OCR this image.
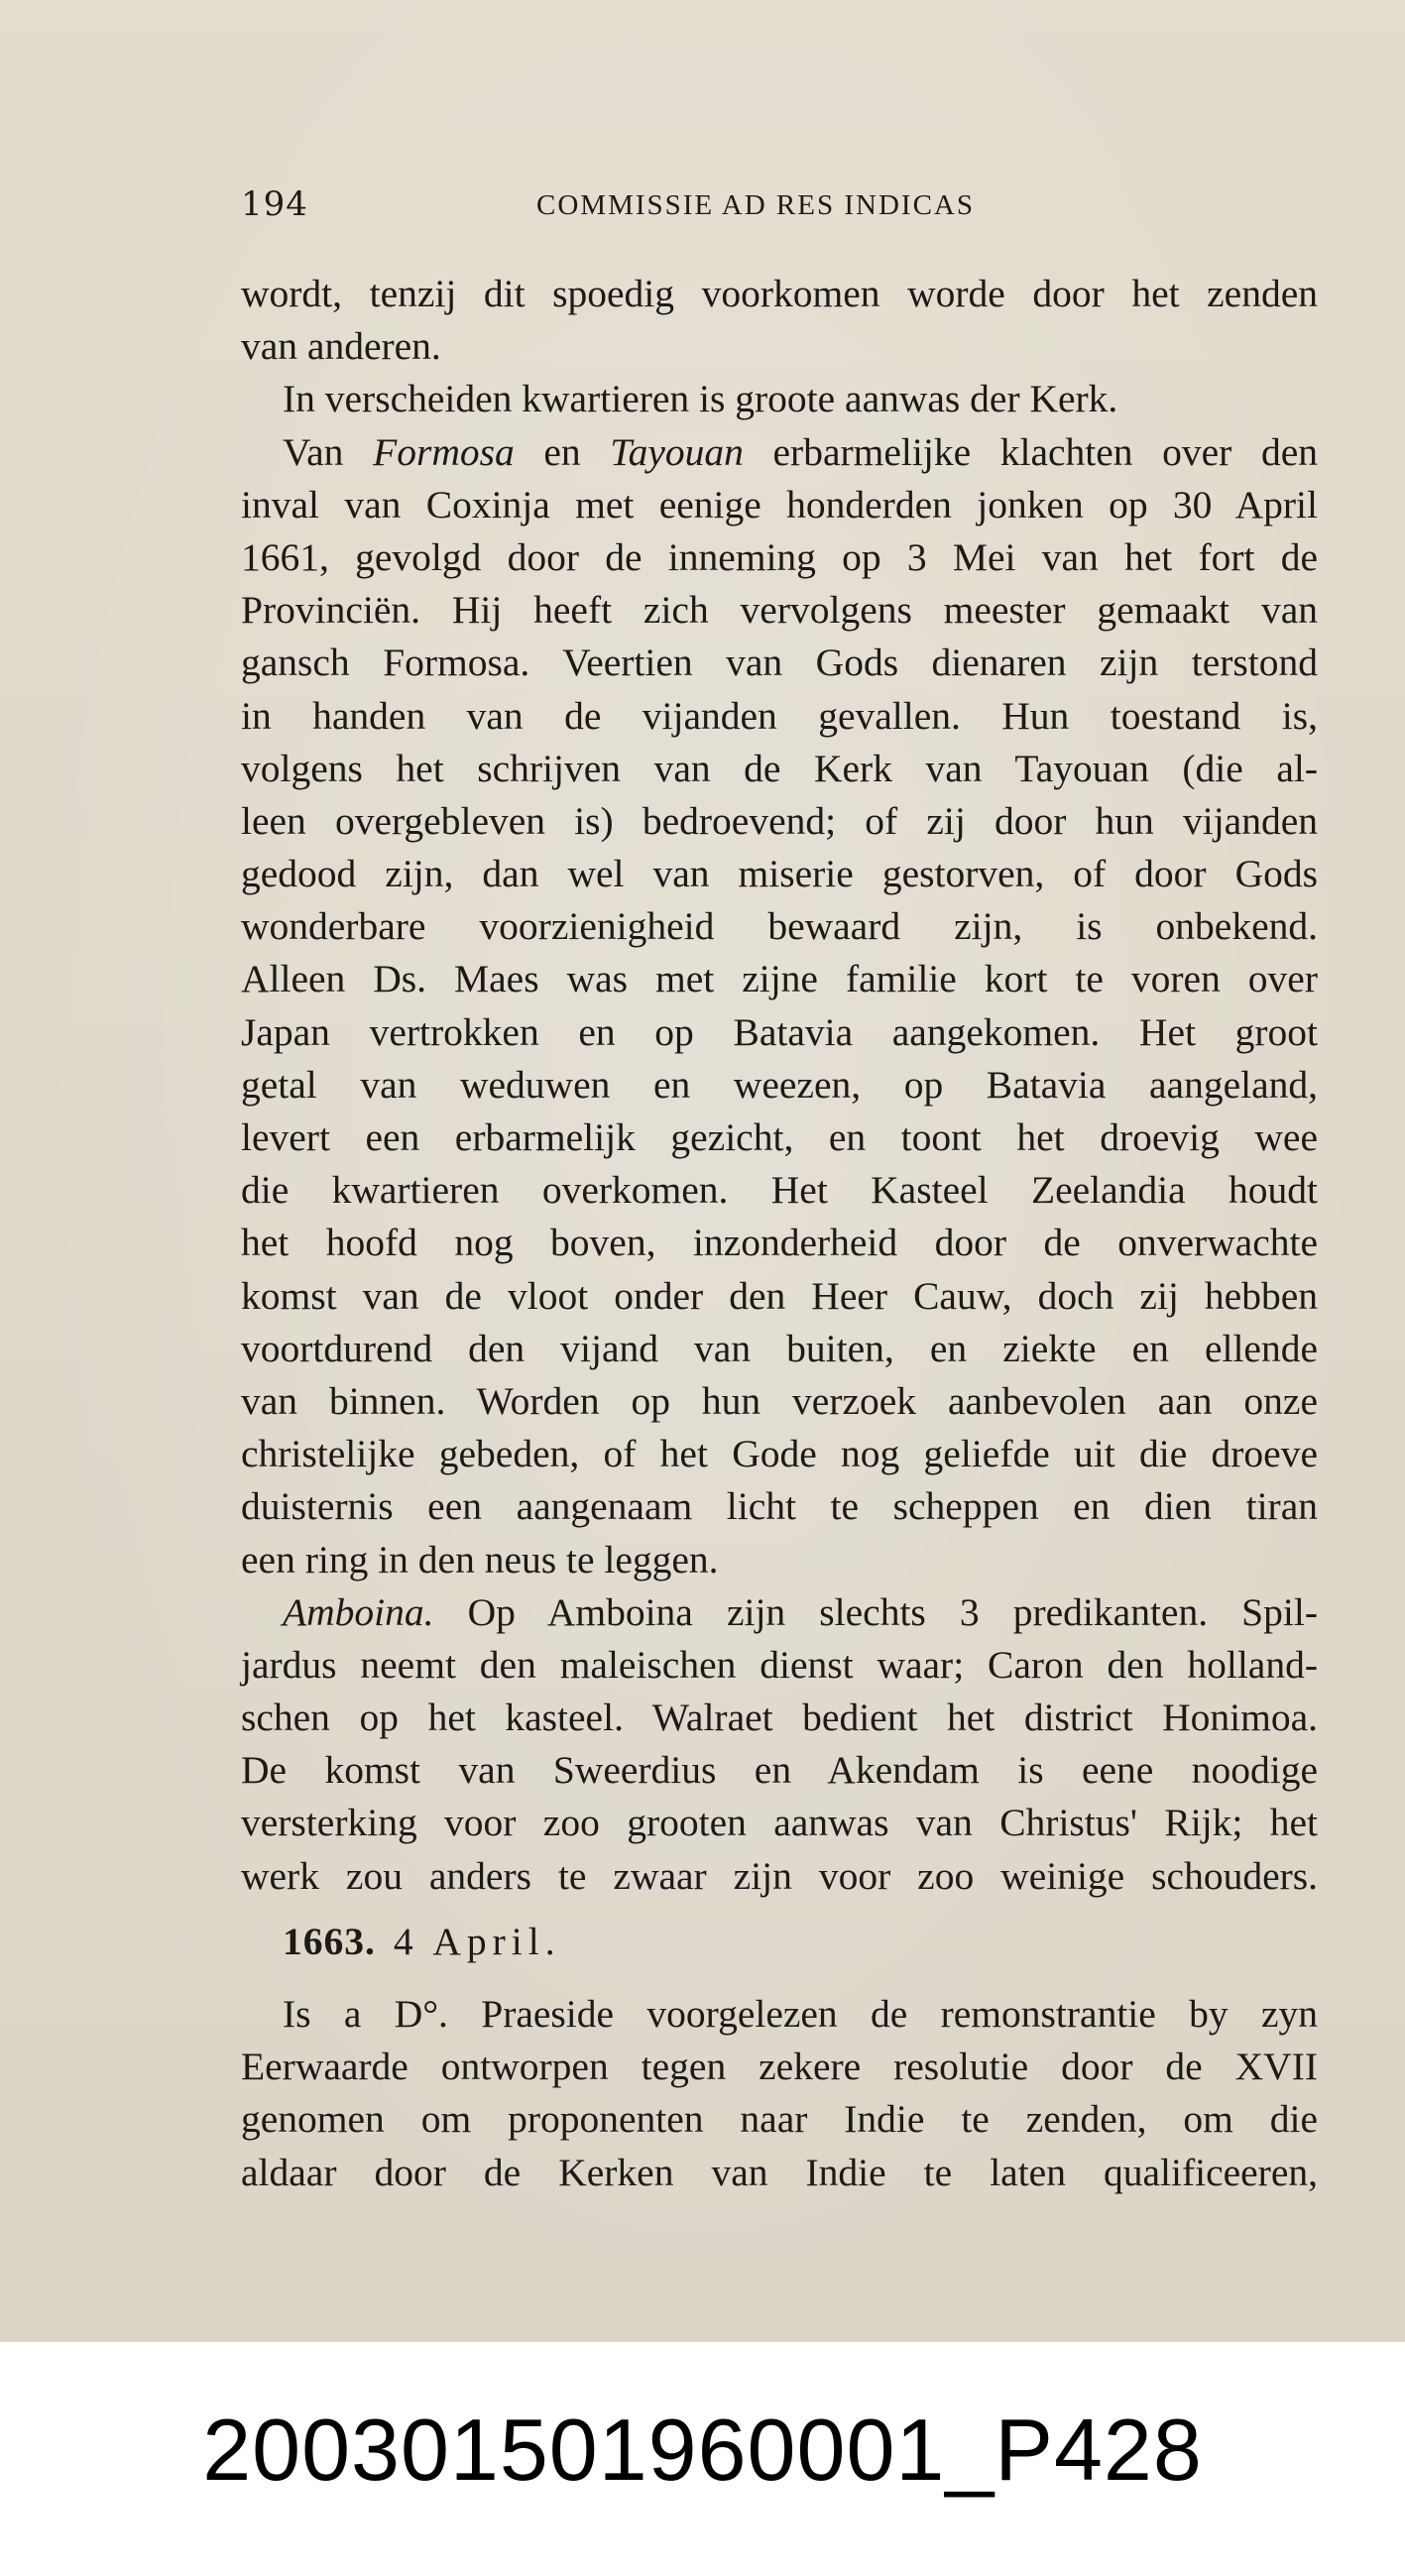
194	COMMISSIE AD RES INDICAS
wordt, tenzij dit spoedig voorkomen worde door het zenden
van anderen.
In verscheiden kwartieren is groote aanwas der Kerk.
Van Formosa en Tayouan erbarmelijke klachten over den
inval van Coxinja met eenige honderden jonken op 30 April
1661, gevolgd door de inneming op 3 Mei van het fort de
Provinciën. Hij heeft zich vervolgens meester gemaakt van
gansch Formosa. Veertien van Gods dienaren zijn terstond
in handen van de vijanden gevallen. Hun toestand is,
volgens het schrijven van de Kerk van Tayouan (die al-
leen overgebleven is) bedroevend; of zij door hun vijanden
gedood zijn, dan wel van miserie gestorven, of door Gods
wonderbare voorzienigheid bewaard zijn, is onbekend.
Alleen Ds. Maes was met zijne familie kort te voren over
Japan vertrokken en op Batavia aangekomen. Het groot
getal van weduwen en weezen, op Batavia aangeland,
levert een erbarmelijk gezicht, en toont het droevig wee
die kwartieren overkomen. Het Kasteel Zeelandia houdt
het hoofd nog boven, inzonderheid door de onverwachte
komst van de vloot onder den Heer Cauw, doch zij hebben
voortdurend den vijand van buiten, en ziekte en ellende
van binnen. Worden op hun verzoek aanbevolen aan onze
christelijke gebeden, of het Gode nog geliefde uit die droeve
duisternis een aangenaam licht te scheppen en dien tiran
een ring in den neus te leggen.
Amboina. Op Amboina zijn slechts 3 predikanten. Spil-
jardus neemt den maleischen dienst waar; Caron den holland-
schen op het kasteel. Walraet bedient het district Honimoa.
De komst van Sweerdius en Akendam is eene noodige
versterking voor zoo grooten aanwas van Christus' Rijk; het
werk zou anders te zwaar zijn voor zoo weinige schouders.
1663. 4 April.
Is a D°. Praeside voorgelezen de remonstrantie by zyn
Eerwaarde ontworpen tegen zekere resolutie door de XVII
genomen om proponenten naar Indie te zenden, om die
aldaar door de Kerken van Indie te laten qualificeeren,
20030150196000‌1_P428
